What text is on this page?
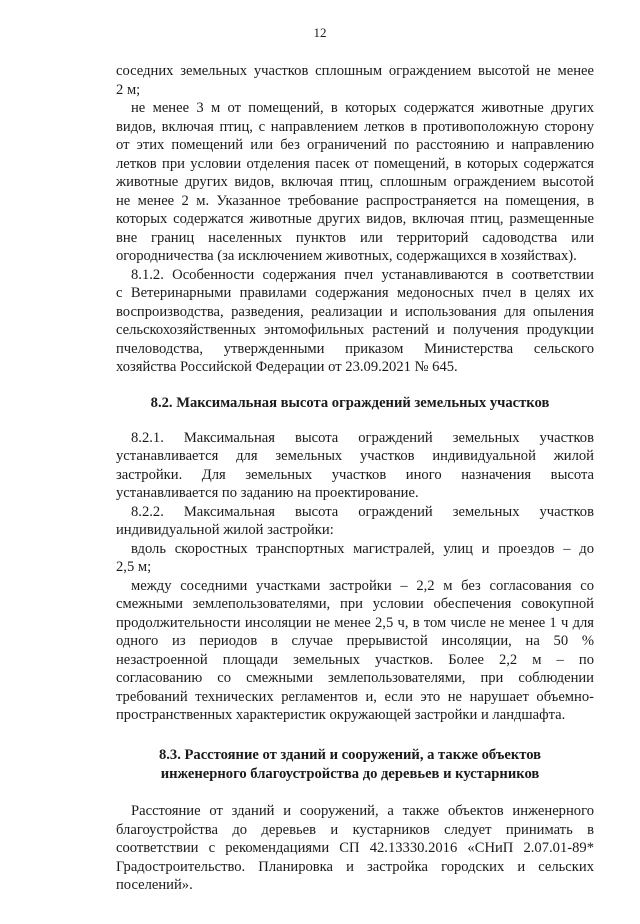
12
соседних земельных участков сплошным ограждением высотой не менее
2 м;
не менее 3 м от помещений, в которых содержатся животные других
видов, включая птиц, с направлением летков в противоположную сторону
от этих помещений или без ограничений по расстоянию и направлению
летков при условии отделения пасек от помещений, в которых содержатся
животные других видов, включая птиц, сплошным ограждением высотой
не менее 2 м. Указанное требование распространяется на помещения, в
которых содержатся животные других видов, включая птиц, размещенные
вне границ населенных пунктов или территорий садоводства или
огородничества (за исключением животных, содержащихся в хозяйствах).
8.1.2. Особенности содержания пчел устанавливаются в соответствии
с Ветеринарными правилами содержания медоносных пчел в целях их
воспроизводства, разведения, реализации и использования для опыления
сельскохозяйственных энтомофильных растений и получения продукции
пчеловодства, утвержденными приказом Министерства сельского
хозяйства Российской Федерации от 23.09.2021 № 645.
8.2. Максимальная высота ограждений земельных участков
8.2.1. Максимальная высота ограждений земельных участков
устанавливается для земельных участков индивидуальной жилой
застройки. Для земельных участков иного назначения высота
устанавливается по заданию на проектирование.
8.2.2. Максимальная высота ограждений земельных участков
индивидуальной жилой застройки:
вдоль скоростных транспортных магистралей, улиц и проездов – до
2,5 м;
между соседними участками застройки – 2,2 м без согласования со
смежными землепользователями, при условии обеспечения совокупной
продолжительности инсоляции не менее 2,5 ч, в том числе не менее 1 ч для
одного из периодов в случае прерывистой инсоляции, на 50 %
незастроенной площади земельных участков. Более 2,2 м – по
согласованию со смежными землепользователями, при соблюдении
требований технических регламентов и, если это не нарушает объемно-
пространственных характеристик окружающей застройки и ландшафта.
8.3. Расстояние от зданий и сооружений, а также объектов
инженерного благоустройства до деревьев и кустарников
Расстояние от зданий и сооружений, а также объектов инженерного
благоустройства до деревьев и кустарников следует принимать в
соответствии с рекомендациями СП 42.13330.2016 «СНиП 2.07.01-89*
Градостроительство. Планировка и застройка городских и сельских
поселений».
